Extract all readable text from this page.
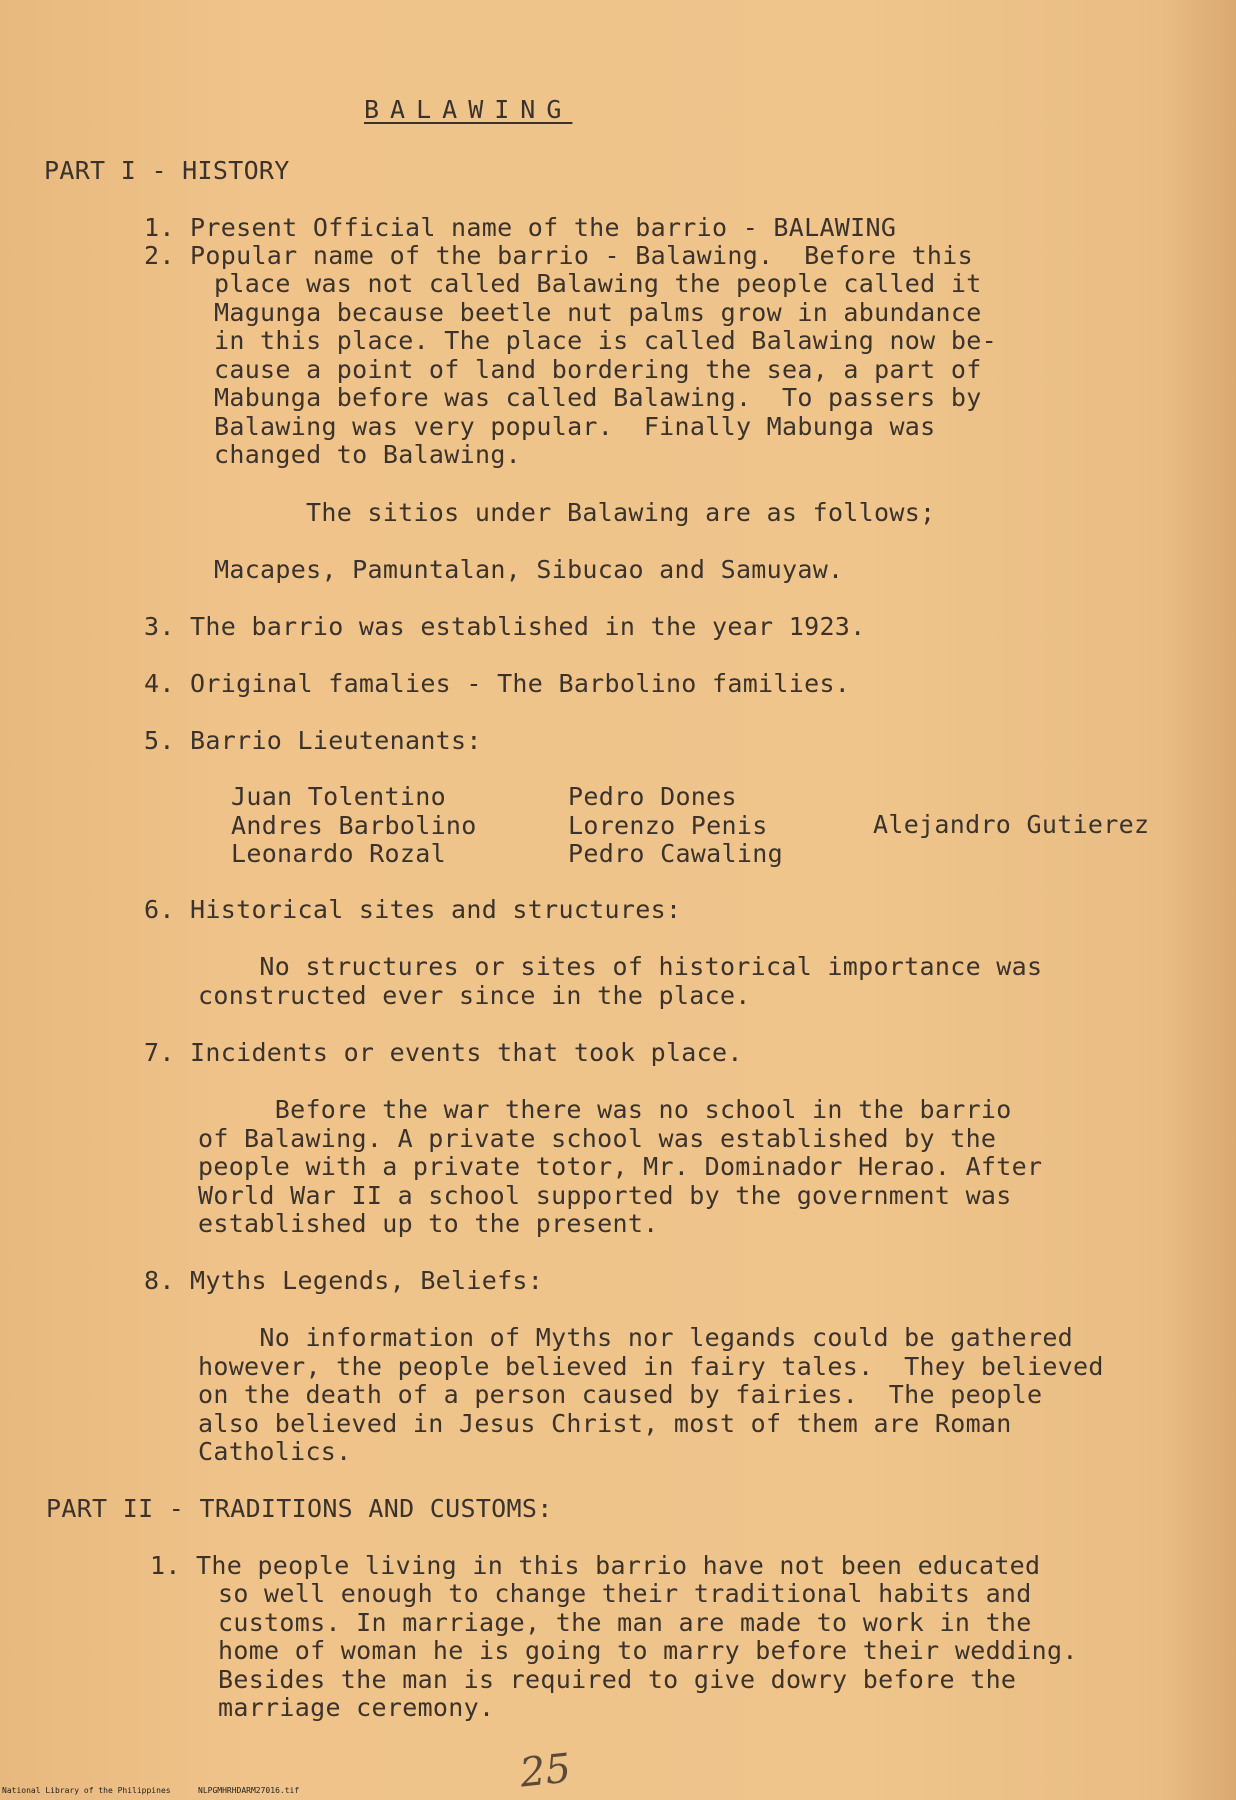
BALAWING
PART I - HISTORY
1. Present Official name of the barrio - BALAWING
2. Popular name of the barrio - Balawing.  Before this
place was not called Balawing the people called it
Magunga because beetle nut palms grow in abundance
in this place. The place is called Balawing now be-
cause a point of land bordering the sea, a part of
Mabunga before was called Balawing.  To passers by
Balawing was very popular.  Finally Mabunga was
changed to Balawing.
The sitios under Balawing are as follows;
Macapes, Pamuntalan, Sibucao and Samuyaw.
3. The barrio was established in the year 1923.
4. Original famalies - The Barbolino families.
5. Barrio Lieutenants:
Juan Tolentino
Andres Barbolino
Leonardo Rozal
Pedro Dones
Lorenzo Penis
Pedro Cawaling
Alejandro Gutierez
6. Historical sites and structures:
No structures or sites of historical importance was
constructed ever since in the place.
7. Incidents or events that took place.
Before the war there was no school in the barrio
of Balawing. A private school was established by the
people with a private totor, Mr. Dominador Herao. After
World War II a school supported by the government was
established up to the present.
8. Myths Legends, Beliefs:
No information of Myths nor legands could be gathered
however, the people believed in fairy tales.  They believed
on the death of a person caused by fairies.  The people
also believed in Jesus Christ, most of them are Roman
Catholics.
PART II - TRADITIONS AND CUSTOMS:
1. The people living in this barrio have not been educated
so well enough to change their traditional habits and
customs. In marriage, the man are made to work in the
home of woman he is going to marry before their wedding.
Besides the man is required to give dowry before the
marriage ceremony.
25
National Library of the Philippines	NLPGMHRHDARM27016.tif
